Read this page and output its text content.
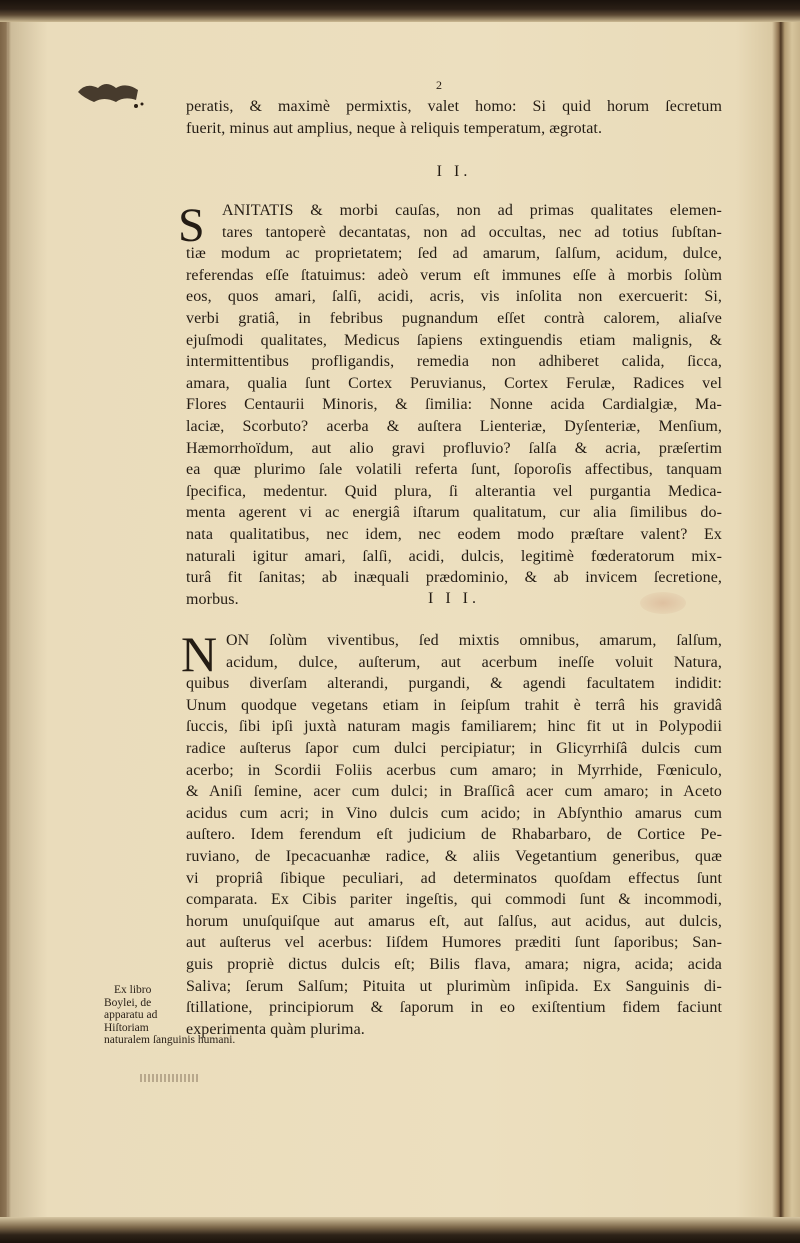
2
peratis, & maximè permixtis, valet homo: Si quid horum ſecretum
fuerit, minus aut amplius, neque à reliquis temperatum, ægrotat.
I I.
S	ANITATIS & morbi cauſas, non ad primas qualitates elemen-
tares tantoperè decantatas, non ad occultas, nec ad totius ſubſtan-
tiæ modum ac proprietatem; ſed ad amarum, ſalſum, acidum, dulce,
referendas eſſe ſtatuimus: adeò verum eſt immunes eſſe à morbis ſolùm
eos, quos amari, ſalſi, acidi, acris, vis inſolita non exercuerit: Si,
verbi gratiâ, in febribus pugnandum eſſet contrà calorem, aliaſve
ejuſmodi qualitates, Medicus ſapiens extinguendis etiam malignis, &
intermittentibus profligandis, remedia non adhiberet calida, ſicca,
amara, qualia ſunt Cortex Peruvianus, Cortex Ferulæ, Radices vel
Flores Centaurii Minoris, & ſimilia: Nonne acida Cardialgiæ, Ma-
laciæ, Scorbuto? acerba & auſtera Lienteriæ, Dyſenteriæ, Menſium,
Hæmorrhoïdum, aut alio gravi profluvio? ſalſa & acria, præſertim
ea quæ plurimo ſale volatili referta ſunt, ſoporoſis affectibus, tanquam
ſpecifica, medentur. Quid plura, ſi alterantia vel purgantia Medica-
menta agerent vi ac energiâ iſtarum qualitatum, cur alia ſimilibus do-
nata qualitatibus, nec idem, nec eodem modo præſtare valent? Ex
naturali igitur amari, ſalſi, acidi, dulcis, legitimè fœderatorum mix-
turâ fit ſanitas; ab inæquali prædominio, & ab invicem ſecretione,
morbus.	I I I.
N ON ſolùm viventibus, ſed mixtis omnibus, amarum, ſalſum,
acidum, dulce, auſterum, aut acerbum ineſſe voluit Natura,
quibus diverſam alterandi, purgandi, & agendi facultatem indidit:
Unum quodque vegetans etiam in ſeipſum trahit è terrâ his gravidâ
ſuccis, ſibi ipſi juxtà naturam magis familiarem; hinc fit ut in Polypodii
radice auſterus ſapor cum dulci percipiatur; in Glicyrrhiſâ dulcis cum
acerbo; in Scordii Foliis acerbus cum amaro; in Myrrhide, Fœniculo,
& Aniſi ſemine, acer cum dulci; in Braſſicâ acer cum amaro; in Aceto
acidus cum acri; in Vino dulcis cum acido; in Abſynthio amarus cum
auſtero. Idem ferendum eſt judicium de Rhabarbaro, de Cortice Pe-
ruviano, de Ipecacuanhæ radice, & aliis Vegetantium generibus, quæ
vi propriâ ſibique peculiari, ad determinatos quoſdam effectus ſunt
comparata. Ex Cibis pariter ingeſtis, qui commodi ſunt & incommodi,
horum unuſquiſque aut amarus eſt, aut ſalſus, aut acidus, aut dulcis,
aut auſterus vel acerbus: Iiſdem Humores præditi ſunt ſaporibus; San-
guis propriè dictus dulcis eſt; Bilis flava, amara; nigra, acida; acida
Saliva; ſerum Salſum; Pituita ut plurimùm inſipida. Ex Sanguinis di-
ſtillatione, principiorum & ſaporum in eo exiſtentium fidem faciunt
experimenta quàm plurima.
Ex libro
Boylei, de
apparatu ad
Hiſtoriam
naturalem ſanguinis humani.
